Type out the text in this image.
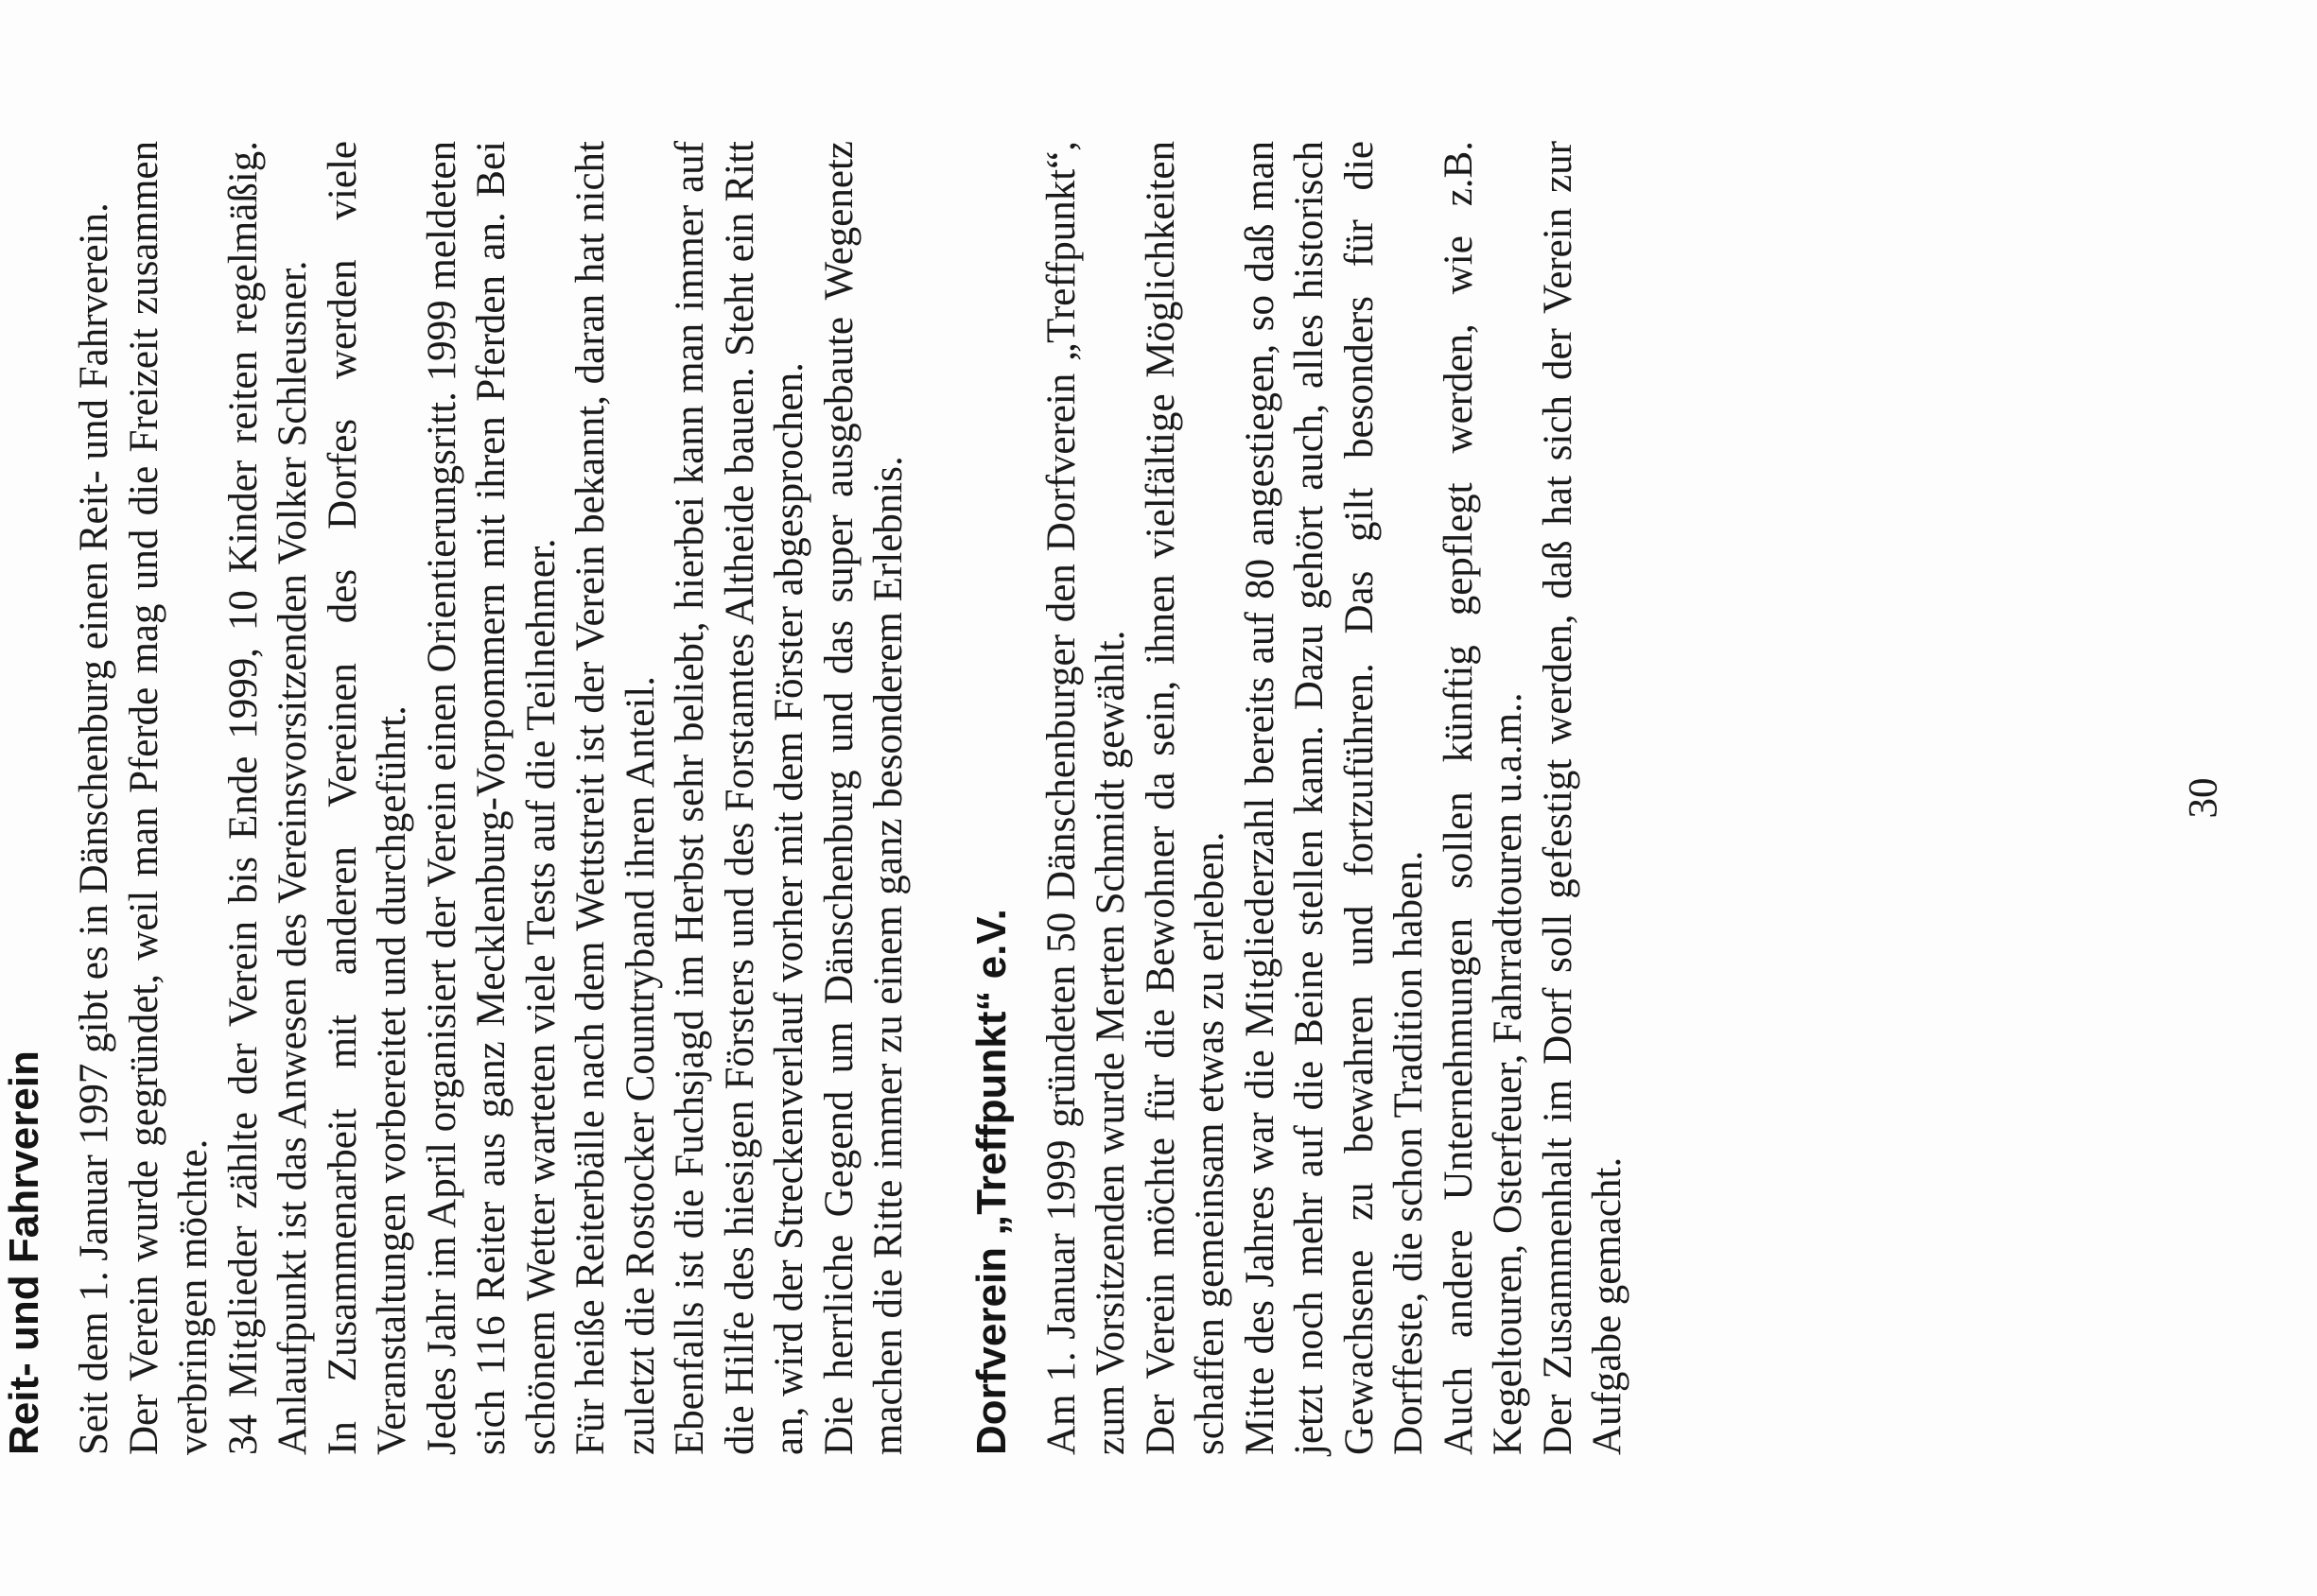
Reit- und Fahrverein Seit dem 1. Januar 1997 gibt es in Dänschenburg einen Reit- und Fahrverein. Der Verein wurde gegründet, weil man Pferde mag und die Freizeit zusammen verbringen möchte. 34 Mitglieder zählte der Verein bis Ende 1999, 10 Kinder reiten regelmäßig. Anlaufpunkt ist das Anwesen des Vereinsvorsitzenden Volker Schleusner. In Zusammenarbeit mit anderen Vereinen des Dorfes werden viele Veranstaltungen vorbereitet und durchgeführt. Jedes Jahr im April organisiert der Verein einen Orientierungsritt. 1999 meldeten sich 116 Reiter aus ganz Mecklenburg-Vorpommern mit ihren Pferden an. Bei schönem Wetter warteten viele Tests auf die Teilnehmer. Für heiße Reiterbälle nach dem Wettstreit ist der Verein bekannt, daran hat nicht zuletzt die Rostocker Countryband ihren Anteil. Ebenfalls ist die Fuchsjagd im Herbst sehr beliebt, hierbei kann man immer auf die Hilfe des hiesigen Försters und des Forstamtes Altheide bauen. Steht ein Ritt an, wird der Streckenverlauf vorher mit dem Förster abgesprochen. Die herrliche Gegend um Dänschenburg und das super ausgebaute Wegenetz machen die Ritte immer zu einem ganz besonderem Erlebnis. Dorfverein „Treffpunkt“ e.V. Am 1. Januar 1999 gründeten 50 Dänschenburger den Dorfverein „Treffpunkt“, zum Vorsitzenden wurde Merten Schmidt gewählt. Der Verein möchte für die Bewohner da sein, ihnen vielfältige Möglichkeiten schaffen gemeinsam etwas zu erleben. Mitte des Jahres war die Mitgliederzahl bereits auf 80 angestiegen, so daß man jetzt noch mehr auf die Beine stellen kann. Dazu gehört auch, alles historisch Gewachsene zu bewahren und fortzuführen. Das gilt besonders für die Dorffeste, die schon Tradition haben. Auch andere Unternehmungen sollen künftig gepflegt werden, wie z.B. Kegeltouren, Osterfeuer, Fahrradtouren u.a.m.. Der Zusammenhalt im Dorf soll gefestigt werden, daß hat sich der Verein zur Aufgabe gemacht.

30
